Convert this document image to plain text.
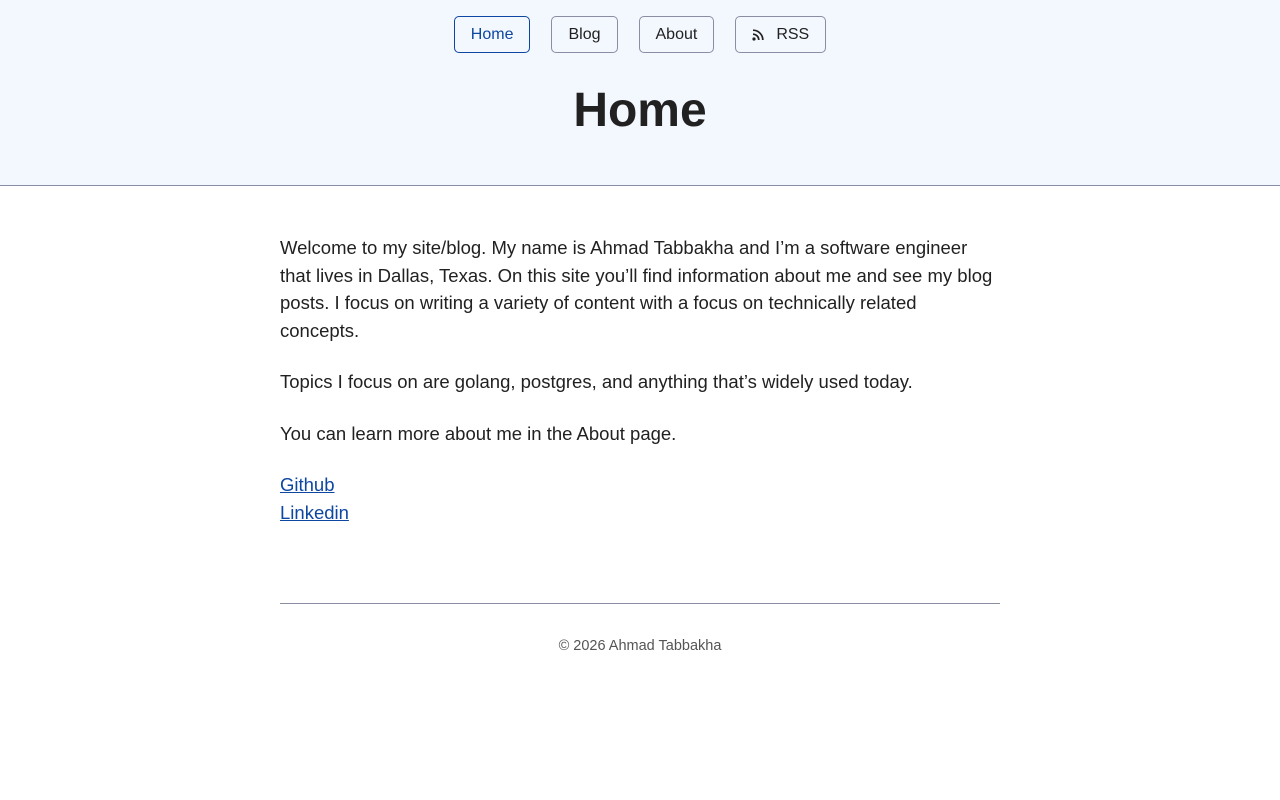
Home	Blog	About	RSS
Home

Welcome to my site/blog. My name is Ahmad Tabbakha and I’m a software engineer that lives in Dallas, Texas. On this site you’ll find information about me and see my blog posts. I focus on writing a variety of content with a focus on technically related concepts.

Topics I focus on are golang, postgres, and anything that’s widely used today.

You can learn more about me in the About page.

Github
Linkedin
© 2026 Ahmad Tabbakha
